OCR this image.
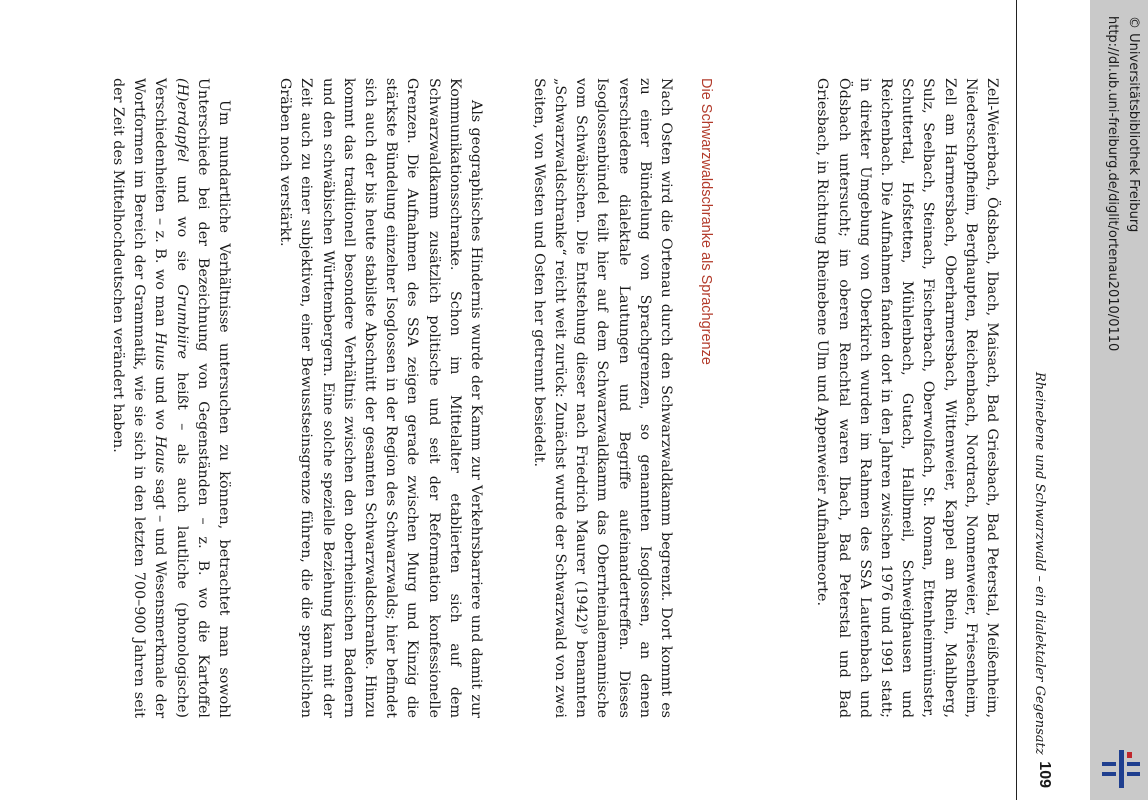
Rheinebene und Schwarzwald – ein dialektaler Gegensatz
109

Zell-Weierbach, Ödsbach, Ibach, Maisach, Bad Griesbach, Bad Peterstal, Meißenheim, Niederschopfheim, Berghaupten, Reichenbach, Nordrach, Nonnenweier, Friesenheim, Zell am Harmersbach, Oberharmersbach, Wittenweier, Kappel am Rhein, Mahlberg, Sulz, Seelbach, Steinach, Fischerbach, Oberwolfach, St. Roman, Ettenheimmünster, Schuttertal, Hofstetten, Mühlenbach, Gutach, Hallbmeil, Schweighausen und Reichenbach. Die Aufnahmen fanden dort in den Jahren zwischen 1976 und 1991 statt; in direkter Umgebung von Oberkirch wurden im Rahmen des SSA Lautenbach und Ödsbach untersucht; im oberen Renchtal waren Ibach, Bad Peterstal und Bad Griesbach, in Richtung Rheinebene Ulm und Appenweier Aufnahmeorte.

Die Schwarzwaldschranke als Sprachgrenze

Nach Osten wird die Ortenau durch den Schwarzwaldkamm begrenzt. Dort kommt es zu einer Bündelung von Sprachgrenzen, so genannten Isoglossen, an denen verschiedene dialektale Lautungen und Begriffe aufeinandertreffen. Dieses Isoglossenbündel teilt hier auf dem Schwarzwaldkamm das Oberrheinalemannische vom Schwäbischen. Die Entstehung dieser nach Friedrich Maurer (1942)⁹ benannten „Schwarzwaldschranke“ reicht weit zurück: Zunächst wurde der Schwarzwald von zwei Seiten, von Westen und Osten her getrennt besiedelt.

Als geographisches Hindernis wurde der Kamm zur Verkehrsbarriere und damit zur Kommunikationsschranke. Schon im Mittelalter etablierten sich auf dem Schwarzwaldkamm zusätzlich politische und seit der Reformation konfessionelle Grenzen. Die Aufnahmen des SSA zeigen gerade zwischen Murg und Kinzig die stärkste Bündelung einzelner Isoglossen in der Region des Schwarzwalds; hier befindet sich auch der bis heute stabilste Abschnitt der gesamten Schwarzwaldschranke. Hinzu kommt das traditionell besondere Verhältnis zwischen den oberrheinischen Badenern und den schwäbischen Württembergern. Eine solche spezielle Beziehung kann mit der Zeit auch zu einer subjektiven, einer Bewusstseinsgrenze führen, die die sprachlichen Gräben noch verstärkt.

Um mundartliche Verhältnisse untersuchen zu können, betrachtet man sowohl Unterschiede bei der Bezeichnung von Gegenständen – z. B. wo die Kartoffel (H)erdapfel und wo sie Grumbiire heißt – als auch lautliche (phonologische) Verschiedenheiten – z. B. wo man Huus und wo Haus sagt – und Wesensmerkmale der Wortformen im Bereich der Grammatik, wie sie sich in den letzten 700–900 Jahren seit der Zeit des Mittelhochdeutschen verändert haben.	http://dl.ub.uni-freiburg.de/diglit/ortenau2010/0110 © Universitätsbibliothek Freiburg
